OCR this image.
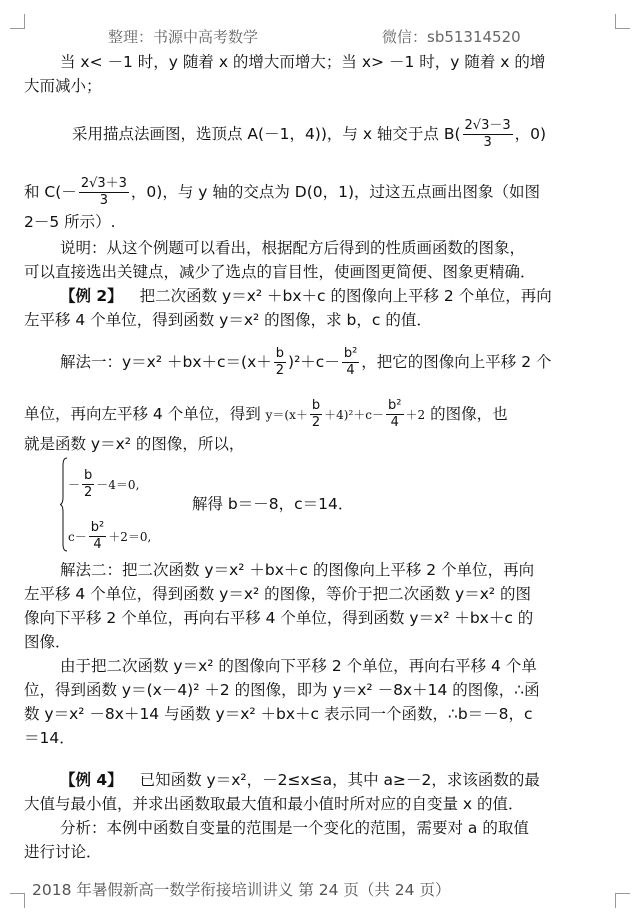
整理：书源中高考数学	微信：sb51314520
当 x< －1 时，y 随着 x 的增大而增大；当 x> －1 时，y 随着 x 的增
大而减小；
采用描点法画图，选顶点 A(－1，4))，与 x 轴交于点 $B( \frac{2√3-3}{3}$ ，0)
和 $C(- \frac{2√3+3}{3}$ ，0)，与 y 轴的交点为 D(0，1)，过这五点画出图象（如图
2－5 所示）.
说明：从这个例题可以看出，根据配方后得到的性质画函数的图象，
可以直接选出关键点，减少了选点的盲目性，使画图更简便、图象更精确．
【例 2】 把二次函数 y＝x² ＋bx＋c 的图像向上平移 2 个单位，再向
左平移 4 个单位，得到函数 y＝x² 的图像，求 b，c 的值．
解法一：$y=x^2 +bx+c=(x+ \frac{b}{2} )^2+c- \frac{\text{b²}}{4}$ ，把它的图像向上平移 2 个
单位，再向左平移 4 个单位，得到 $y=(x+ \frac{b}{2} +4)^2+c- \frac{\text{b²}}{4} +2$ 的图像，也
就是函数 y＝x² 的图像，所以，
－ $\frac{b}{2} -4=0$,
解得 b＝－8，c＝14．
$c- \frac{\text{b²}}{4} +2=0$,
解法二：把二次函数 y＝x² ＋bx＋c 的图像向上平移 2 个单位，再向
左平移 4 个单位，得到函数 y＝x² 的图像，等价于把二次函数 y＝x² 的图
像向下平移 2 个单位，再向右平移 4 个单位，得到函数 y＝x² ＋bx＋c 的
图像．
由于把二次函数 y＝x² 的图像向下平移 2 个单位，再向右平移 4 个单
位，得到函数 y＝(x－4)² ＋2 的图像，即为 y＝x² －8x＋14 的图像，∴函
数 y＝x² －8x＋14 与函数 y＝x² ＋bx＋c 表示同一个函数，∴b＝－8，c
＝14．
【例 4】 已知函数 y＝x²，－2≤x≤a，其中 a≥－2，求该函数的最
大值与最小值，并求出函数取最大值和最小值时所对应的自变量 x 的值．
分析：本例中函数自变量的范围是一个变化的范围，需要对 a 的取值
进行讨论．
2018 年暑假新高一数学衔接培训讲义 第 24 页（共 24 页）
